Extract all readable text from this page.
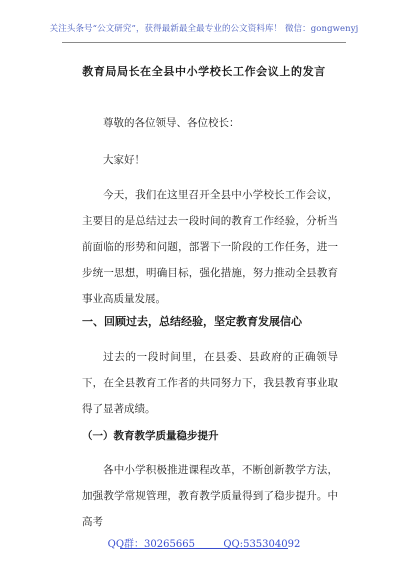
关注头条号“公文研究”，获得最新最全最专业的公文资料库！ 微信：gongwenyj
教育局局长在全县中小学校长工作会议上的发言

尊敬的各位领导、各位校长：

大家好！

今天，我们在这里召开全县中小学校长工作会议，主要目的是总结过去一段时间的教育工作经验，分析当前面临的形势和问题，部署下一阶段的工作任务，进一步统一思想，明确目标，强化措施，努力推动全县教育事业高质量发展。

一、回顾过去，总结经验，坚定教育发展信心

过去的一段时间里，在县委、县政府的正确领导下，在全县教育工作者的共同努力下，我县教育事业取得了显著成绩。

（一）教育教学质量稳步提升

各中小学积极推进课程改革，不断创新教学方法，加强教学常规管理，教育教学质量得到了稳步提升。中高考

QQ群：30265665	QQ:535304092
